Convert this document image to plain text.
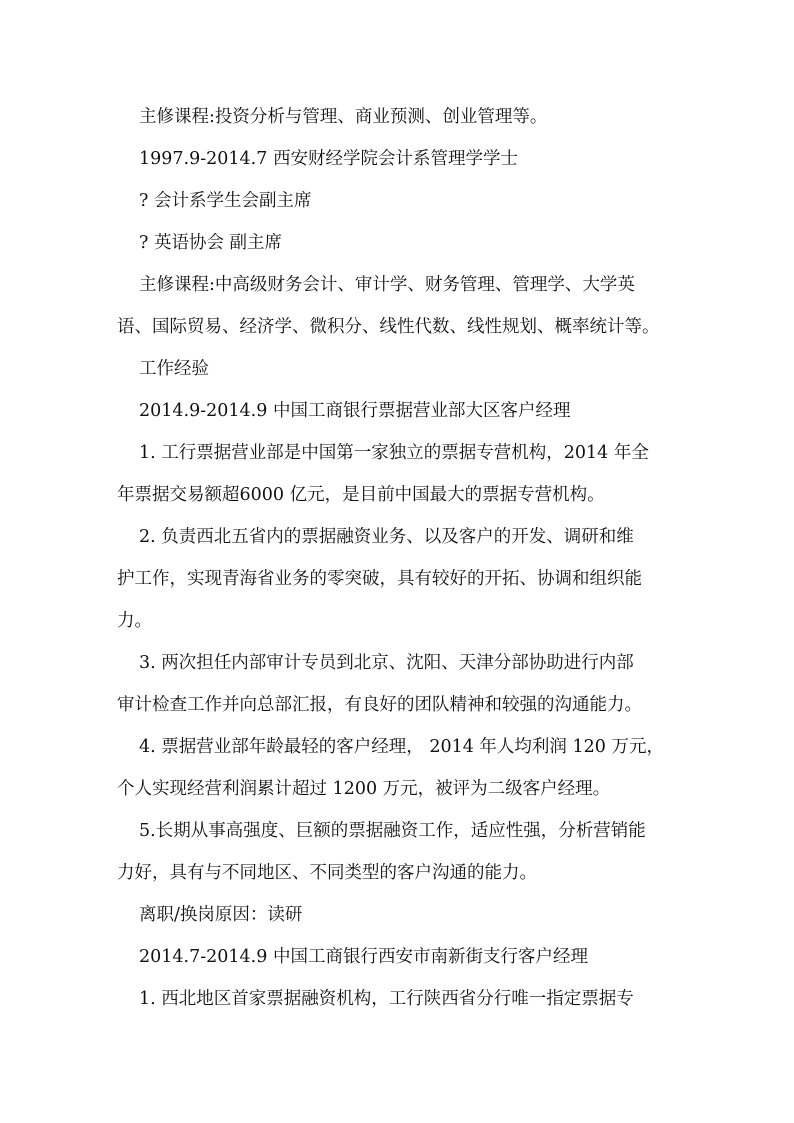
主修课程:投资分析与管理、商业预测、创业管理等。
1997.9-2014.7 西安财经学院会计系管理学学士
? 会计系学生会副主席
? 英语协会 副主席
主修课程:中高级财务会计、审计学、财务管理、管理学、大学英
语、国际贸易、经济学、微积分、线性代数、线性规划、概率统计等。
工作经验
2014.9-2014.9 中国工商银行票据营业部大区客户经理
1. 工行票据营业部是中国第一家独立的票据专营机构，2014 年全
年票据交易额超6000 亿元，是目前中国最大的票据专营机构。
2. 负责西北五省内的票据融资业务、以及客户的开发、调研和维
护工作，实现青海省业务的零突破，具有较好的开拓、协调和组织能
力。
3. 两次担任内部审计专员到北京、沈阳、天津分部协助进行内部
审计检查工作并向总部汇报，有良好的团队精神和较强的沟通能力。
4. 票据营业部年龄最轻的客户经理， 2014 年人均利润 120 万元，
个人实现经营利润累计超过 1200 万元，被评为二级客户经理。
5.长期从事高强度、巨额的票据融资工作，适应性强，分析营销能
力好，具有与不同地区、不同类型的客户沟通的能力。
离职/换岗原因：读研
2014.7-2014.9 中国工商银行西安市南新街支行客户经理
1. 西北地区首家票据融资机构，工行陕西省分行唯一指定票据专
